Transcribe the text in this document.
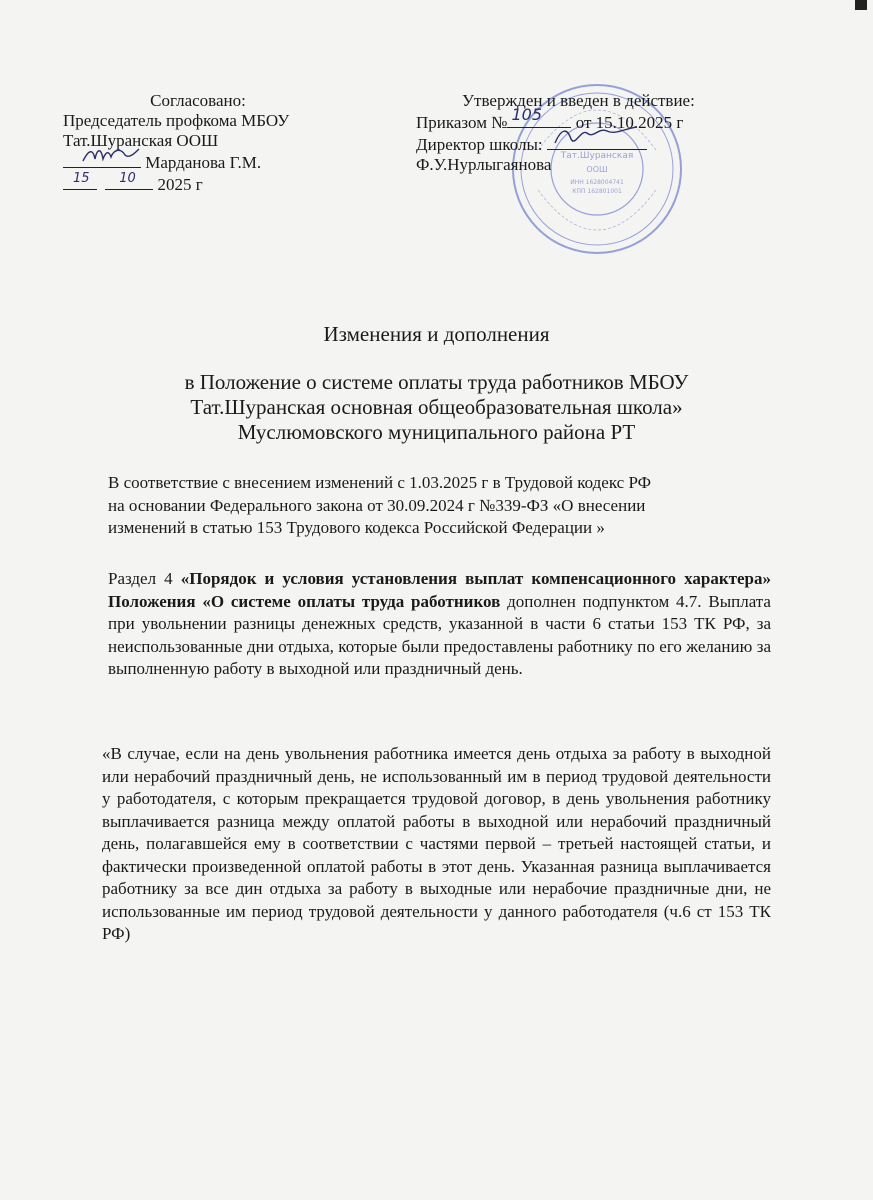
Согласовано:
Председатель профкома МБОУ
Тат.Шуранская ООШ
Марданова Г.М.
15
10 2025 г
Тат.Шуранская
ООШ
ИНН 1628004741
КПП 162801001
Утвержден и введен в действие:
Приказом № 105 от 15.10.2025 г
Директор школы:
Ф.У.Нурлыгаянова
Изменения и дополнения
в Положение о системе оплаты труда работников МБОУ
Тат.Шуранская основная общеобразовательная школа»
Муслюмовского муниципального района РТ
В соответствие с внесением изменений с 1.03.2025 г в Трудовой кодекс РФ
на основании Федерального закона от 30.09.2024 г №339-ФЗ «О внесении
изменений в статью 153 Трудового кодекса Российской Федерации »
Раздел 4 «Порядок и условия установления выплат компенсационного характера» Положения «О системе оплаты труда работников дополнен подпунктом 4.7. Выплата при увольнении разницы денежных средств, указанной в части 6 статьи 153 ТК РФ, за неиспользованные дни отдыха, которые были предоставлены работнику по его желанию за выполненную работу в выходной или праздничный день.
«В случае, если на день увольнения работника имеется день отдыха за работу в выходной или нерабочий праздничный день, не использованный им в период трудовой деятельности у работодателя, с которым прекращается трудовой договор, в день увольнения работнику выплачивается разница между оплатой работы в выходной или нерабочий праздничный день, полагавшейся ему в соответствии с частями первой – третьей настоящей статьи, и фактически произведенной оплатой работы в этот день. Указанная разница выплачивается работнику за все дин отдыха за работу в выходные или нерабочие праздничные дни, не использованные им период трудовой деятельности у данного работодателя (ч.6 ст 153 ТК РФ)
